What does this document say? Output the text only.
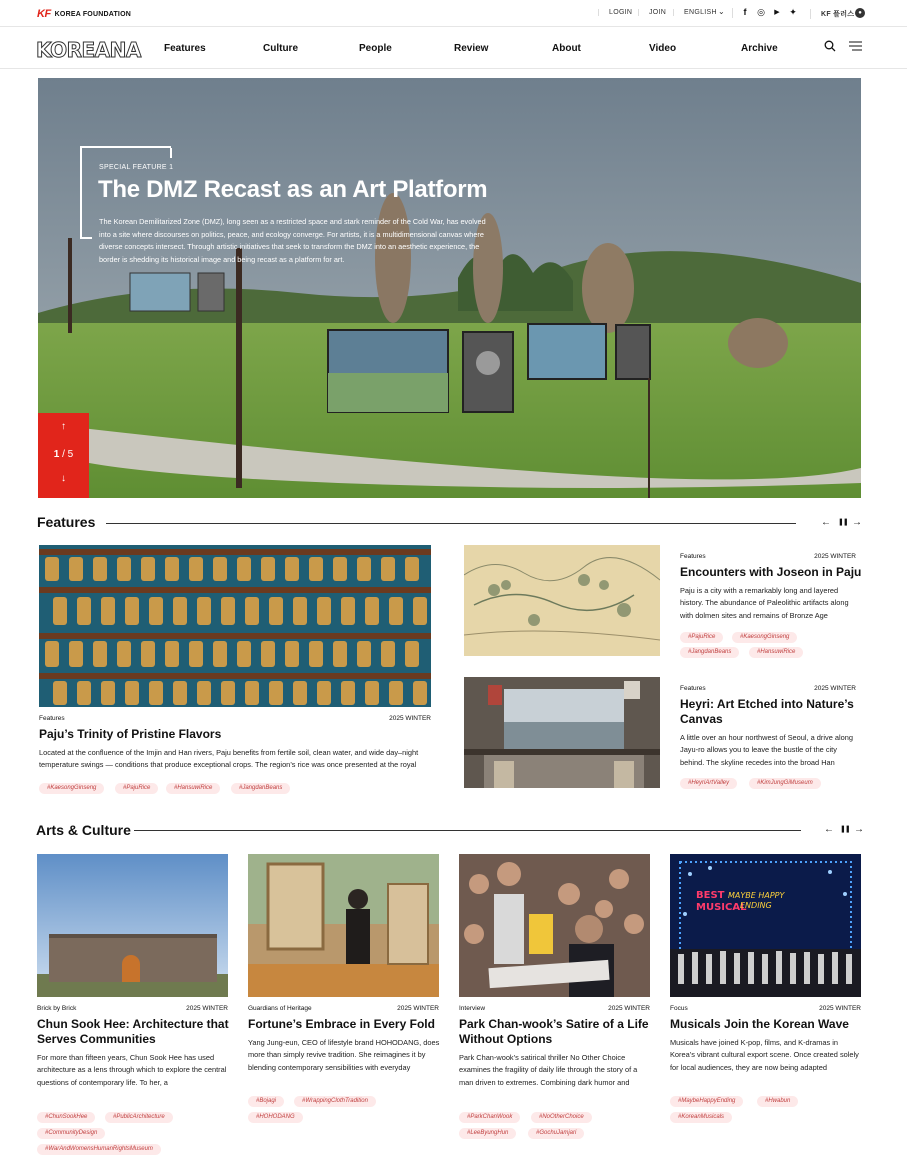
KF KOREA FOUNDATION	LOGIN	JOIN	ENGLISH ⌄	f	◎	▶ ✦	KF 플러스 ●
KOREANA Features	Culture	People	Review	About	Video	Archive
SPECIAL FEATURE 1
The DMZ Recast as an Art Platform

The Korean Demilitarized Zone (DMZ), long seen as a restricted space and stark reminder of the Cold War, has evolved into a site where discourses on politics, peace, and ecology converge. For artists, it is a multidimensional canvas where diverse concepts intersect. Through artistic initiatives that seek to transform the DMZ into an aesthetic experience, the border is shedding its historical image and being recast as a platform for art.

↑
1 / 5
↓
Features	← ❚❚ →
Features	2025 WINTER
Paju’s Trinity of Pristine Flavors

Located at the confluence of the Imjin and Han rivers, Paju benefits from fertile soil, clean water, and wide day–night temperature swings — conditions that produce exceptional crops. The region’s rice was once presented at the royal

#KaesongGinseng	#PajuRice	#HansuwiRice	#JangdanBeans
Features	2025 WINTER
Encounters with Joseon in Paju

Paju is a city with a remarkably long and layered history. The abundance of Paleolithic artifacts along with dolmen sites and remains of Bronze Age

#PajuRice	#KaesongGinseng
#JangdanBeans	#HansuwiRice
Features	2025 WINTER
Heyri: Art Etched into Nature’s Canvas

A little over an hour northwest of Seoul, a drive along Jayu-ro allows you to leave the bustle of the city behind. The skyline recedes into the broad Han

#HeyriArtValley	#KimJungGiMuseum
Arts & Culture	← ❚❚ →
Brick by Brick	2025 WINTER
Chun Sook Hee: Architecture that Serves Communities

For more than fifteen years, Chun Sook Hee has used architecture as a lens through which to explore the central questions of contemporary life. To her, a

#ChunSookHee	#PublicArchitecture
#CommunityDesign
#WarAndWomensHumanRightsMuseum
Guardians of Heritage	2025 WINTER
Fortune’s Embrace in Every Fold

Yang Jung-eun, CEO of lifestyle brand HOHODANG, does more than simply revive tradition. She reimagines it by blending contemporary sensibilities with everyday

#Bojagi	#WrappingClothTradition
#HOHODANG
Interview	2025 WINTER
Park Chan-wook’s Satire of a Life Without Options

Park Chan-wook’s satirical thriller No Other Choice examines the fragility of daily life through the story of a man driven to extremes. Combining dark humor and

#ParkChanWook	#NoOtherChoice
#LeeByungHun	#GochuJamjari
BEST
MUSICAL
MAYBE HAPPY
ENDING
Focus	2025 WINTER
Musicals Join the Korean Wave

Musicals have joined K-pop, films, and K-dramas in Korea’s vibrant cultural export scene. Once created solely for local audiences, they are now being adapted

#MaybeHappyEnding	#Hwabun
#KoreanMusicals
